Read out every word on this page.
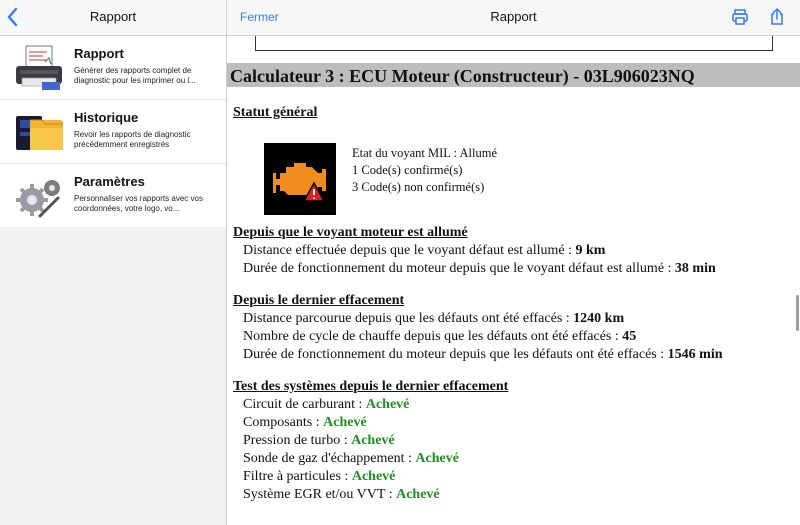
Rapport
Rapport
Générer des rapports complet de diagnostic pour les imprimer ou l...
Historique
Revoir les rapports de diagnostic précédemment enregistrés
Paramètres
Personnaliser vos rapports avec vos coordonnées, votre logo, vo...
Fermer	Rapport
Calculateur 3 : ECU Moteur (Constructeur) - 03L906023NQ
Statut général
Etat du voyant MIL : Allumé
1 Code(s) confirmé(s)
3 Code(s) non confirmé(s)
Depuis que le voyant moteur est allumé
Distance effectuée depuis que le voyant défaut est allumé : 9 km
Durée de fonctionnement du moteur depuis que le voyant défaut est allumé : 38 min
Depuis le dernier effacement
Distance parcourue depuis que les défauts ont été effacés : 1240 km
Nombre de cycle de chauffe depuis que les défauts ont été effacés : 45
Durée de fonctionnement du moteur depuis que les défauts ont été effacés : 1546 min
Test des systèmes depuis le dernier effacement
Circuit de carburant : Achevé
Composants : Achevé
Pression de turbo : Achevé
Sonde de gaz d'échappement : Achevé
Filtre à particules : Achevé
Système EGR et/ou VVT : Achevé
